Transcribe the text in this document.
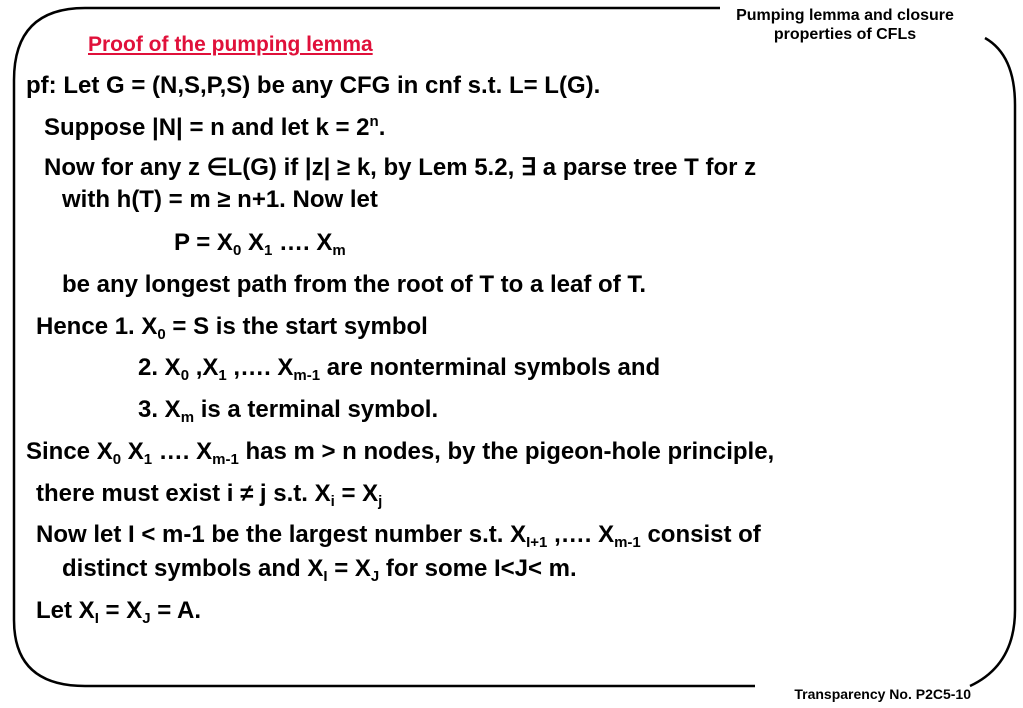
Pumping lemma and closure
properties of CFLs
Proof of the pumping lemma
pf: Let G = (N,S,P,S) be any CFG in cnf s.t. L= L(G).
Suppose |N| = n and let $k = 2^n$.
Now for any z ∈L(G) if |z| ≥ k, by Lem 5.2, ∃ a parse tree T for z
with h(T) = m ≥ n+1. Now let
$P = X_0$ $X_1$ …. $X_m$
be any longest path from the root of T to a leaf of T.
Hence 1. $X_0 = S$ is the start symbol
2. $X_0$ $,X_1$ ,…. $X_{m-1}$ are nonterminal symbols and
3. $X_m$ is a terminal symbol.
Since $X_0$ $X_1$ …. $X_{m-1}$ has m > n nodes, by the pigeon-hole principle,
there must exist i ≠ j s.t. $X_i = X_j$
Now let I < m-1 be the largest number s.t. $X_{I+1}$ ,…. $X_{m-1}$ consist of
distinct symbols and $X_I = X_J$ for some I<J< m.
Let $X_I = X_J = A$.
Transparency No. P2C5-10
